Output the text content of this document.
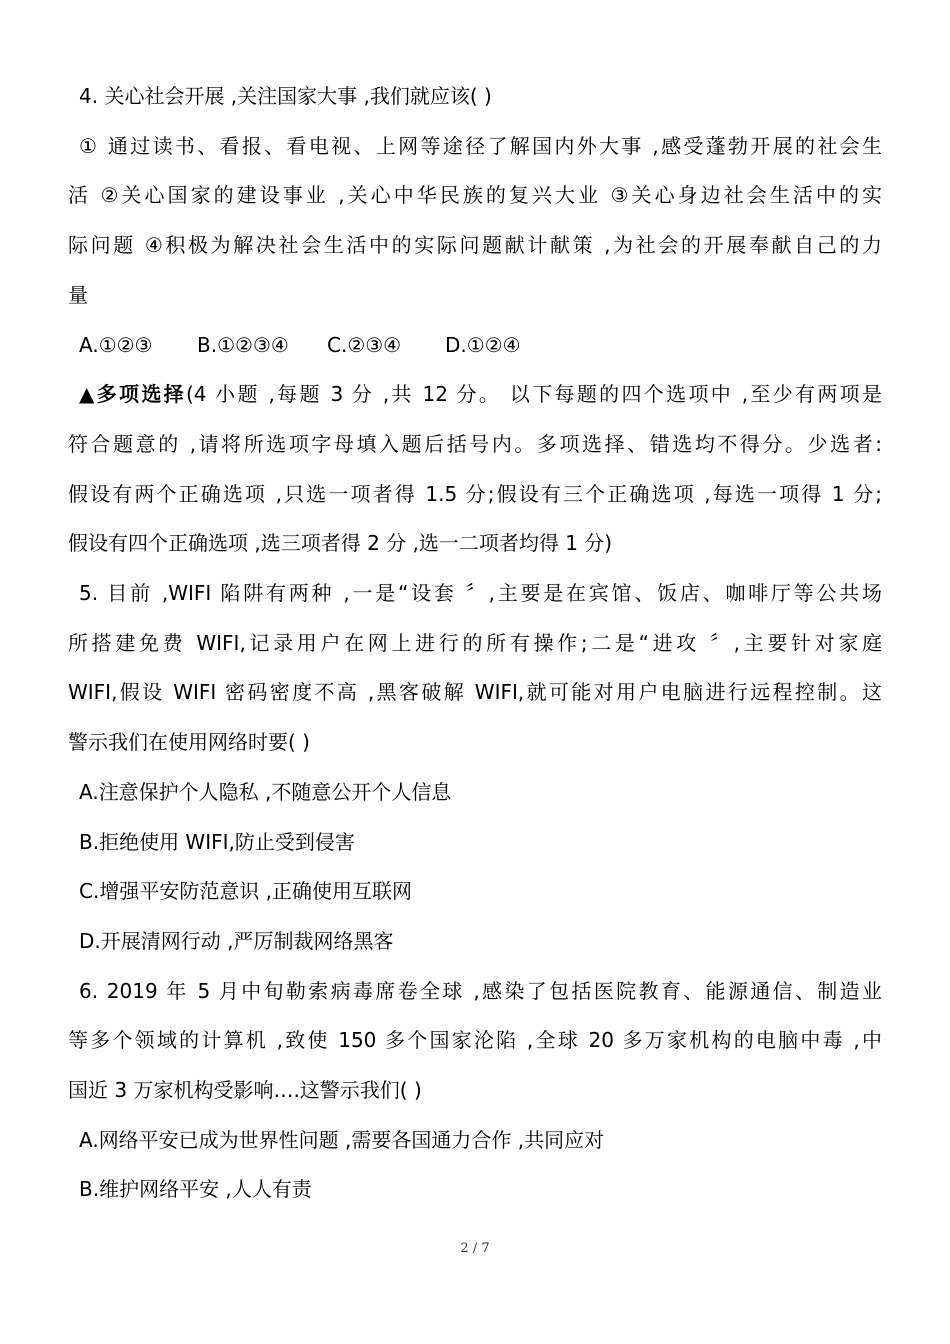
4. 关心社会开展 ,关注国家大事 ,我们就应该( )
① 通过读书、看报、看电视、上网等途径了解国内外大事 ,感受蓬勃开展的社会生
活 ②关心国家的建设事业 ,关心中华民族的复兴大业 ③关心身边社会生活中的实
际问题 ④积极为解决社会生活中的实际问题献计献策 ,为社会的开展奉献自己的力
量
A.①②③ B.①②③④ C.②③④ D.①②④
▲多项选择(4 小题 ,每题 3 分 ,共 12 分。 以下每题的四个选项中 ,至少有两项是
符合题意的 ,请将所选项字母填入题后括号内。多项选择、错选均不得分。少选者:
假设有两个正确选项 ,只选一项者得 1.5 分;假设有三个正确选项 ,每选一项得 1 分;
假设有四个正确选项 ,选三项者得 2 分 ,选一二项者均得 1 分)
5. 目前 ,WIFI 陷阱有两种 ,一是“设套 〞,主要是在宾馆、饭店、咖啡厅等公共场
所搭建免费 WIFI,记录用户在网上进行的所有操作;二是“进攻 〞,主要针对家庭
WIFI,假设 WIFI 密码密度不高 ,黑客破解 WIFI,就可能对用户电脑进行远程控制。这
警示我们在使用网络时要( )
A.注意保护个人隐私 ,不随意公开个人信息
B.拒绝使用 WIFI,防止受到侵害
C.增强平安防范意识 ,正确使用互联网
D.开展清网行动 ,严厉制裁网络黑客
6. 2019 年 5 月中旬勒索病毒席卷全球 ,感染了包括医院教育、能源通信、制造业
等多个领域的计算机 ,致使 150 多个国家沦陷 ,全球 20 多万家机构的电脑中毒 ,中
国近 3 万家机构受影响….这警示我们( )
A.网络平安已成为世界性问题 ,需要各国通力合作 ,共同应对
B.维护网络平安 ,人人有责
2 / 7
